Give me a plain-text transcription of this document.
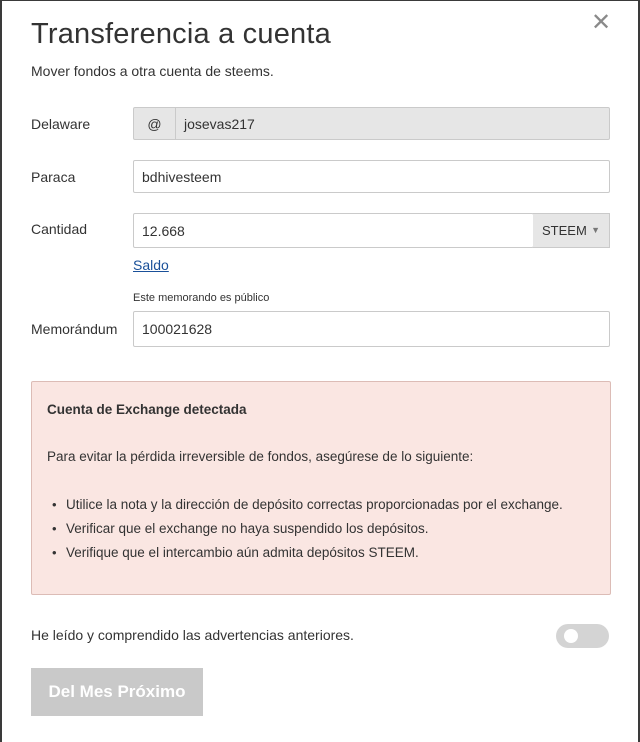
✕
Transferencia a cuenta

Mover fondos a otra cuenta de steems.

Delaware	@	josevas217
Paraca	bdhivesteem
Cantidad	12.668	STEEM ▼
Saldo
Este memorando es público
Memorándum 100021628
Cuenta de Exchange detectada
Para evitar la pérdida irreversible de fondos, asegúrese de lo siguiente:
• Utilice la nota y la dirección de depósito correctas proporcionadas por el exchange.
• Verificar que el exchange no haya suspendido los depósitos.
• Verifique que el intercambio aún admita depósitos STEEM.
He leído y comprendido las advertencias anteriores.
Del Mes Próximo
